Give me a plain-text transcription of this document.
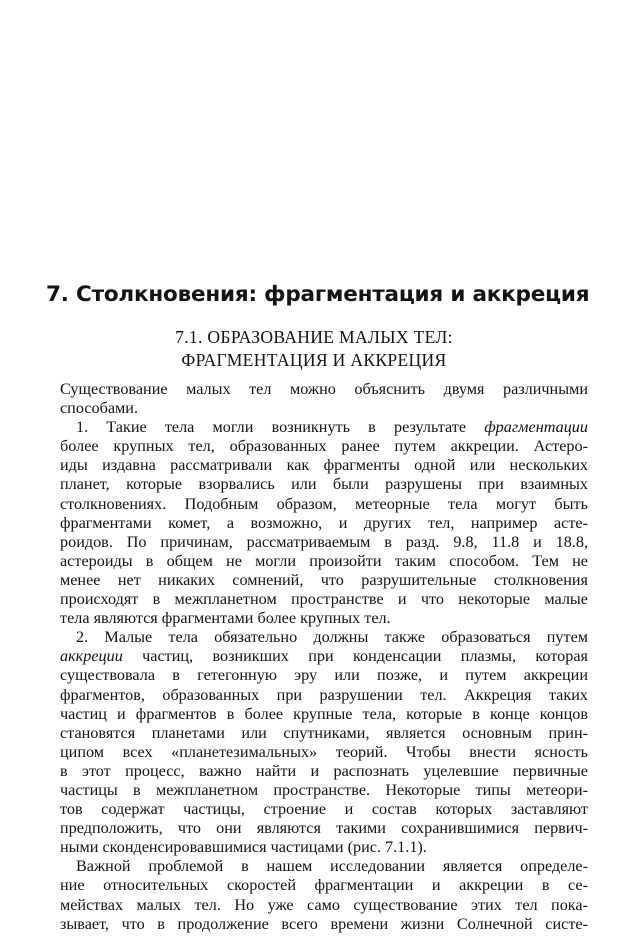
7. Столкновения: фрагментация и аккреция
7.1. ОБРАЗОВАНИЕ МАЛЫХ ТЕЛ:
ФРАГМЕНТАЦИЯ И АККРЕЦИЯ
Существование малых тел можно объяснить двумя различными
способами.
1. Такие тела могли возникнуть в результате фрагментации
более крупных тел, образованных ранее путем аккреции. Астеро-
иды издавна рассматривали как фрагменты одной или нескольких
планет, которые взорвались или были разрушены при взаимных
столкновениях. Подобным образом, метеорные тела могут быть
фрагментами комет, а возможно, и других тел, например асте-
роидов. По причинам, рассматриваемым в разд. 9.8, 11.8 и 18.8,
астероиды в общем не могли произойти таким способом. Тем не
менее нет никаких сомнений, что разрушительные столкновения
происходят в межпланетном пространстве и что некоторые малые
тела являются фрагментами более крупных тел.
2. Малые тела обязательно должны также образоваться путем
аккреции частиц, возникших при конденсации плазмы, которая
существовала в гетегонную эру или позже, и путем аккреции
фрагментов, образованных при разрушении тел. Аккреция таких
частиц и фрагментов в более крупные тела, которые в конце концов
становятся планетами или спутниками, является основным прин-
ципом всех «планетезимальных» теорий. Чтобы внести ясность
в этот процесс, важно найти и распознать уцелевшие первичные
частицы в межпланетном пространстве. Некоторые типы метеори-
тов содержат частицы, строение и состав которых заставляют
предположить, что они являются такими сохранившимися первич-
ными сконденсировавшимися частицами (рис. 7.1.1).
Важной проблемой в нашем исследовании является определе-
ние относительных скоростей фрагментации и аккреции в се-
мействах малых тел. Но уже само существование этих тел пока-
зывает, что в продолжение всего времени жизни Солнечной систе-
